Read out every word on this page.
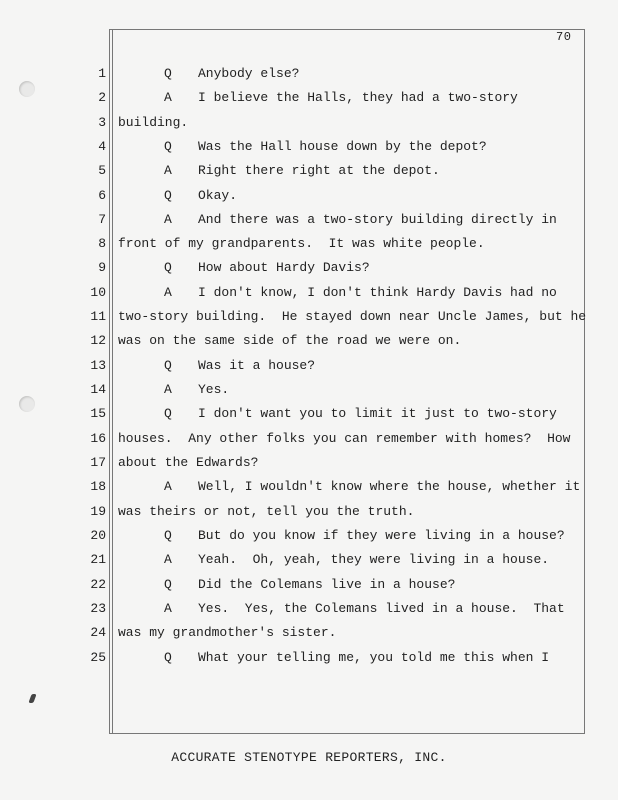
70
1
2
3
4
5
6
7
8
9
10
11
12
13
14
15
16
17
18
19
20
21
22
23
24
25
Q Anybody else?
A I believe the Halls, they had a two-story
building.
Q Was the Hall house down by the depot?
A Right there right at the depot.
Q Okay.
A And there was a two-story building directly in
front of my grandparents.  It was white people.
Q How about Hardy Davis?
A I don't know, I don't think Hardy Davis had no
two-story building.  He stayed down near Uncle James, but he
was on the same side of the road we were on.
Q Was it a house?
A Yes.
Q I don't want you to limit it just to two-story
houses.  Any other folks you can remember with homes?  How
about the Edwards?
A Well, I wouldn't know where the house, whether it
was theirs or not, tell you the truth.
Q But do you know if they were living in a house?
A Yeah.  Oh, yeah, they were living in a house.
Q Did the Colemans live in a house?
A Yes.  Yes, the Colemans lived in a house.  That
was my grandmother's sister.
Q What your telling me, you told me this when I
ACCURATE STENOTYPE REPORTERS, INC.
